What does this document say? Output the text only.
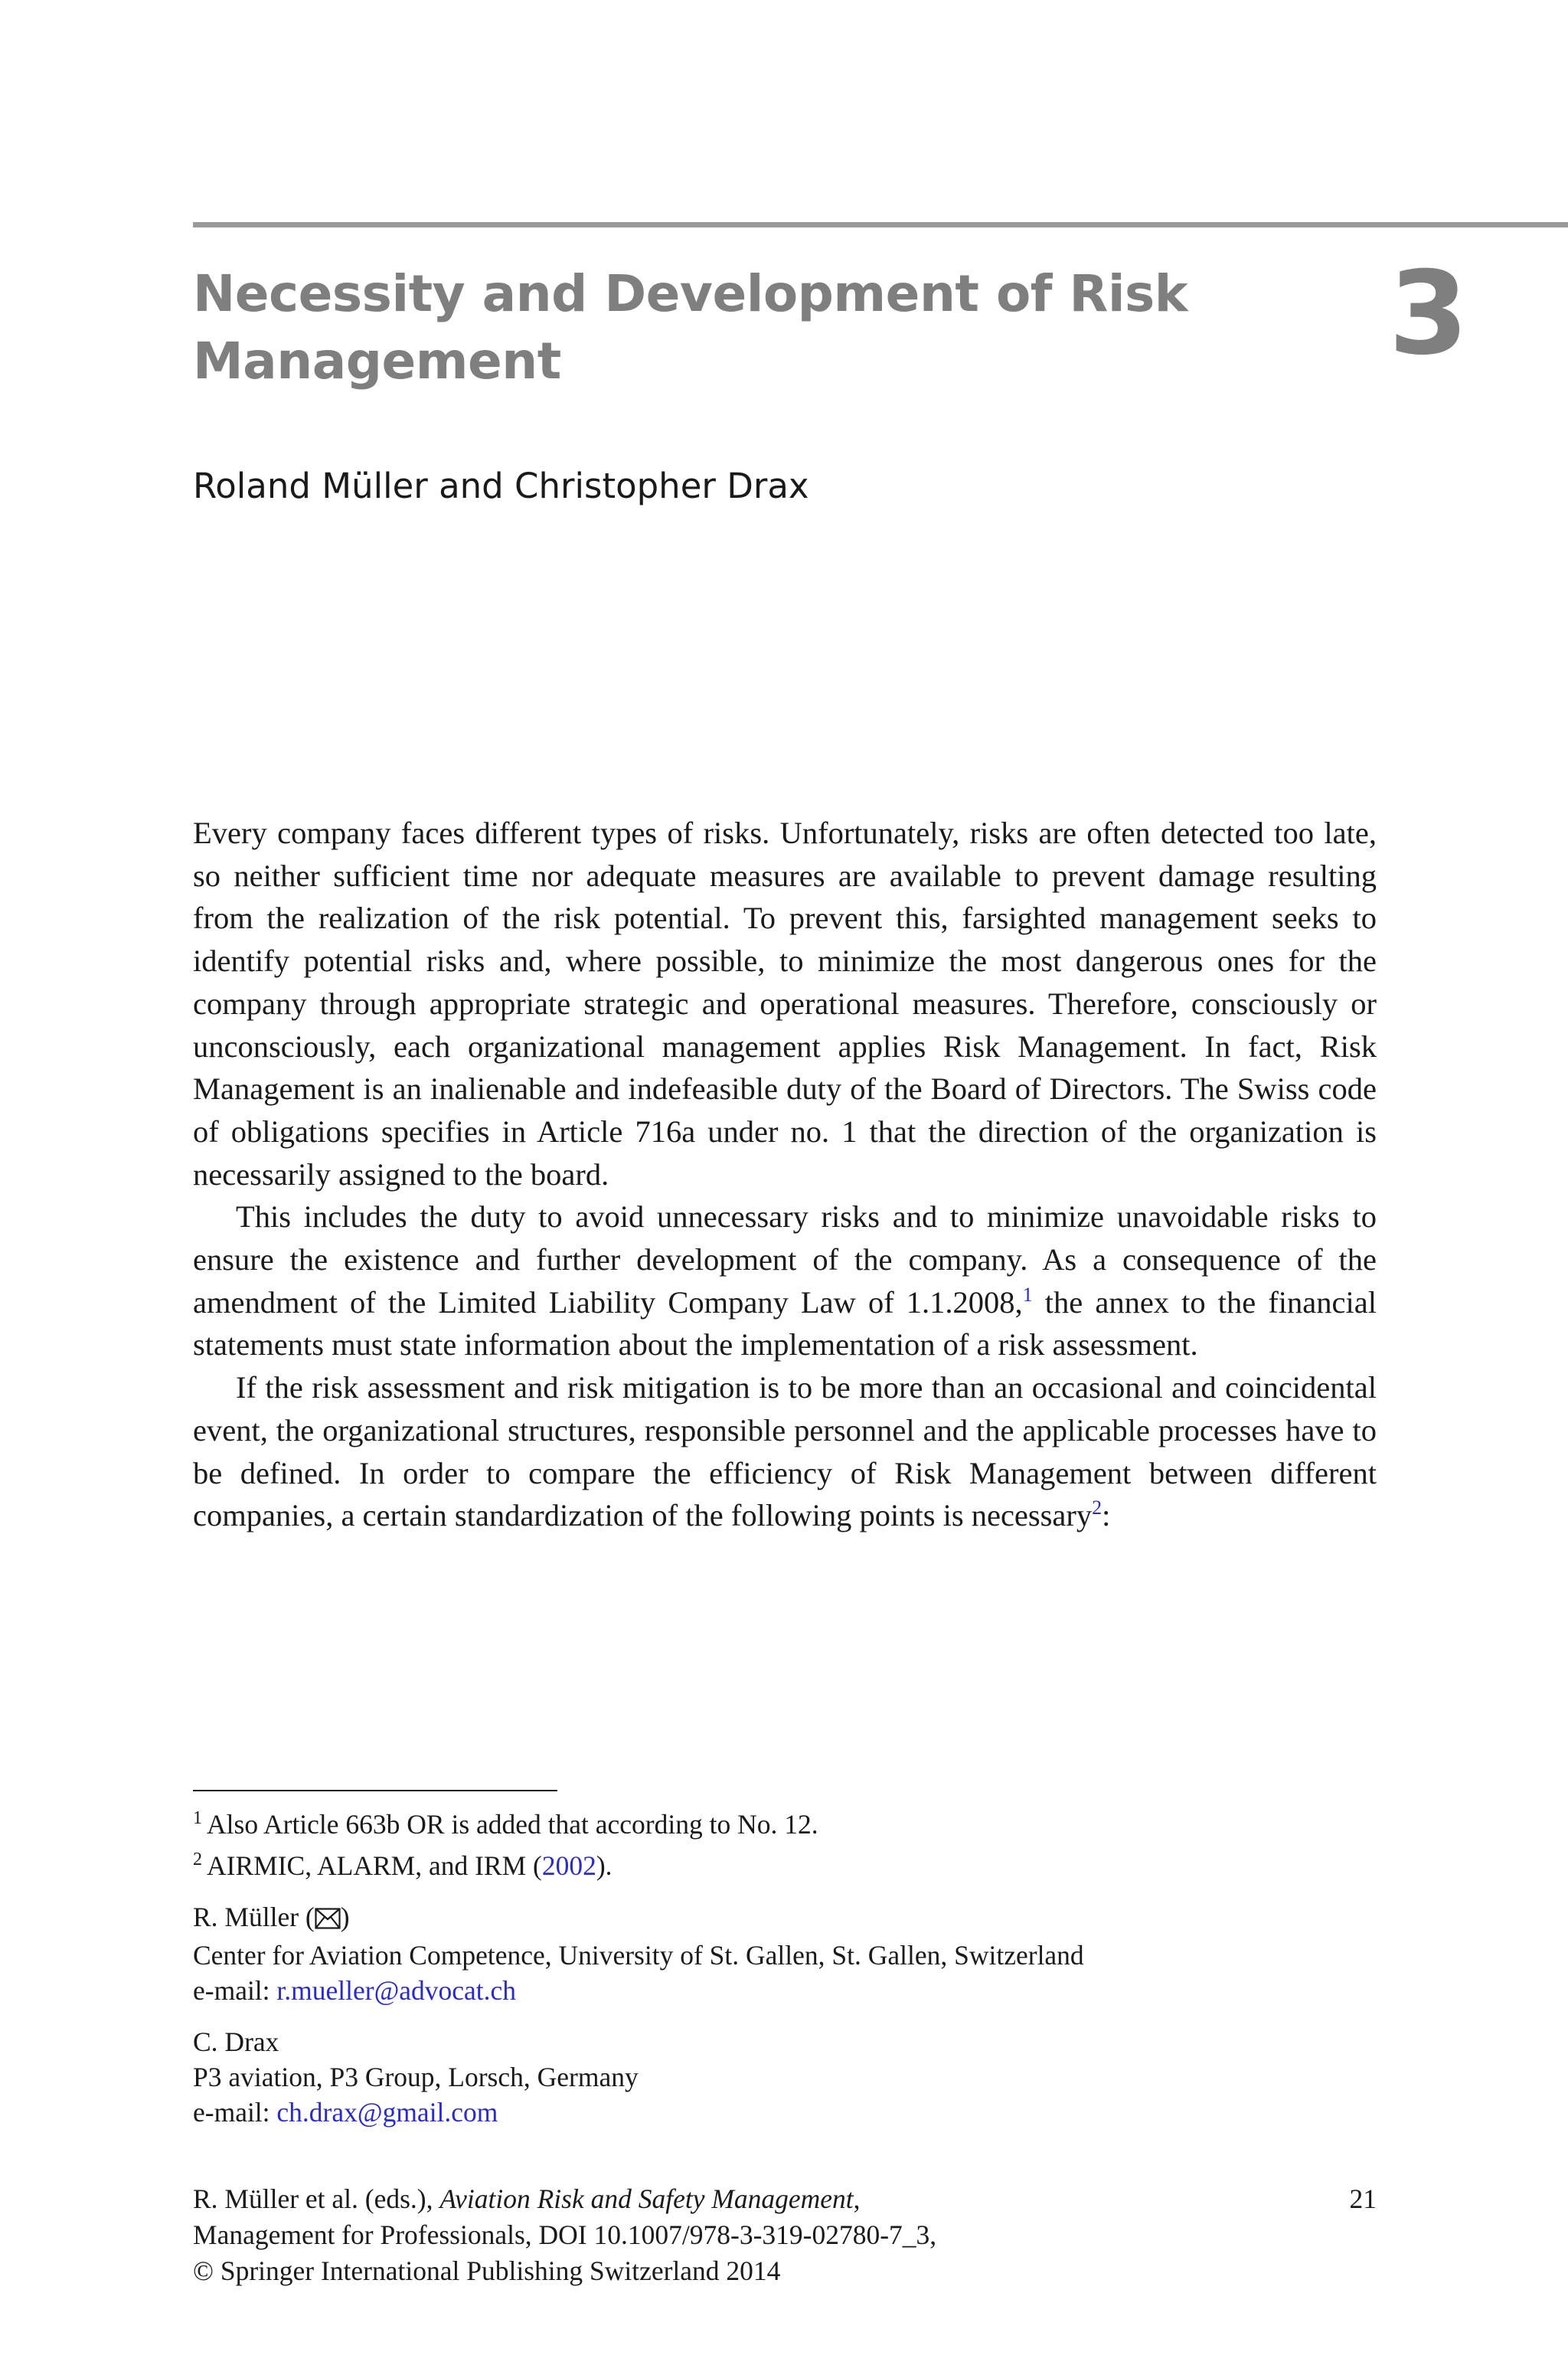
Necessity and Development of Risk
Management	3
Roland Müller and Christopher Drax

Every company faces different types of risks. Unfortunately, risks are often detected too late, so neither sufficient time nor adequate measures are available to prevent damage resulting from the realization of the risk potential. To prevent this, farsighted management seeks to identify potential risks and, where possible, to minimize the most dangerous ones for the company through appropriate strategic and operational measures. Therefore, consciously or unconsciously, each organizational management applies Risk Management. In fact, Risk Management is an inalienable and indefeasible duty of the Board of Directors. The Swiss code of obligations specifies in Article 716a under no. 1 that the direction of the organization is necessarily assigned to the board.

This includes the duty to avoid unnecessary risks and to minimize unavoidable risks to ensure the existence and further development of the company. As a consequence of the amendment of the Limited Liability Company Law of 1.1.2008,$^1$ the annex to the financial statements must state information about the implementation of a risk assessment.

If the risk assessment and risk mitigation is to be more than an occasional and coincidental event, the organizational structures, responsible personnel and the applicable processes have to be defined. In order to compare the efficiency of Risk Management between different companies, a certain standardization of the following points is necessary$^2$:

$^1$ Also Article 663b OR is added that according to No. 12.
$^2$ AIRMIC, ALARM, and IRM (2002).
R. Müller ( )
Center for Aviation Competence, University of St. Gallen, St. Gallen, Switzerland
e-mail: r.mueller@advocat.ch
C. Drax
P3 aviation, P3 Group, Lorsch, Germany
e-mail: ch.drax@gmail.com
R. Müller et al. (eds.), Aviation Risk and Safety Management,
Management for Professionals, DOI 10.1007/978-3-319-02780-7_3,
© Springer International Publishing Switzerland 2014
21
